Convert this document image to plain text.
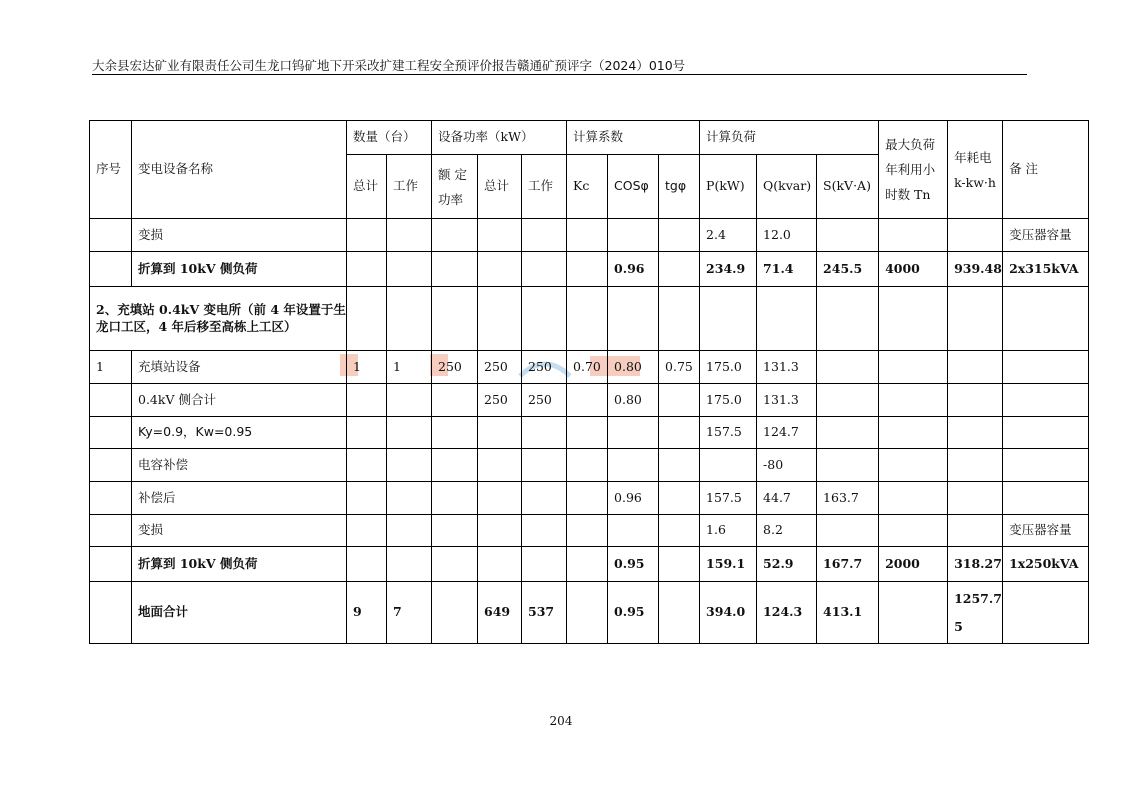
大余县宏达矿业有限责任公司生龙口钨矿地下开采改扩建工程安全预评价报告赣通矿预评字（2024）010号
序号	变电设备名称	数量（台）		设备功率（kW）			计算系数			计算负荷			最大负荷年利用小时数 Tn	年耗电 k-kw·h	备 注
		总计	工作	额 定 功率	总计	工作	Kc	COSφ	tgφ	P(kW)	Q(kvar)	S(kV·A)			
	变损									2.4	12.0				变压器容量
	折算到 10kV 侧负荷							0.96		234.9	71.4	245.5	4000	939.48	2x315kVA
2、充填站 0.4kV 变电所（前 4 年设置于生龙口工区，4 年后移至高栋上工区）															
1	充填站设备	1	1	250	250	250	0.70	0.80	0.75	175.0	131.3				
	0.4kV 侧合计				250	250		0.80		175.0	131.3				
	Ky=0.9，Kw=0.95									157.5	124.7				
	电容补偿										-80				
	补偿后							0.96		157.5	44.7	163.7			
	变损									1.6	8.2				变压器容量
	折算到 10kV 侧负荷							0.95		159.1	52.9	167.7	2000	318.27	1x250kVA
	地面合计	9	7		649	537		0.95		394.0	124.3	413.1		1257.75	
204
